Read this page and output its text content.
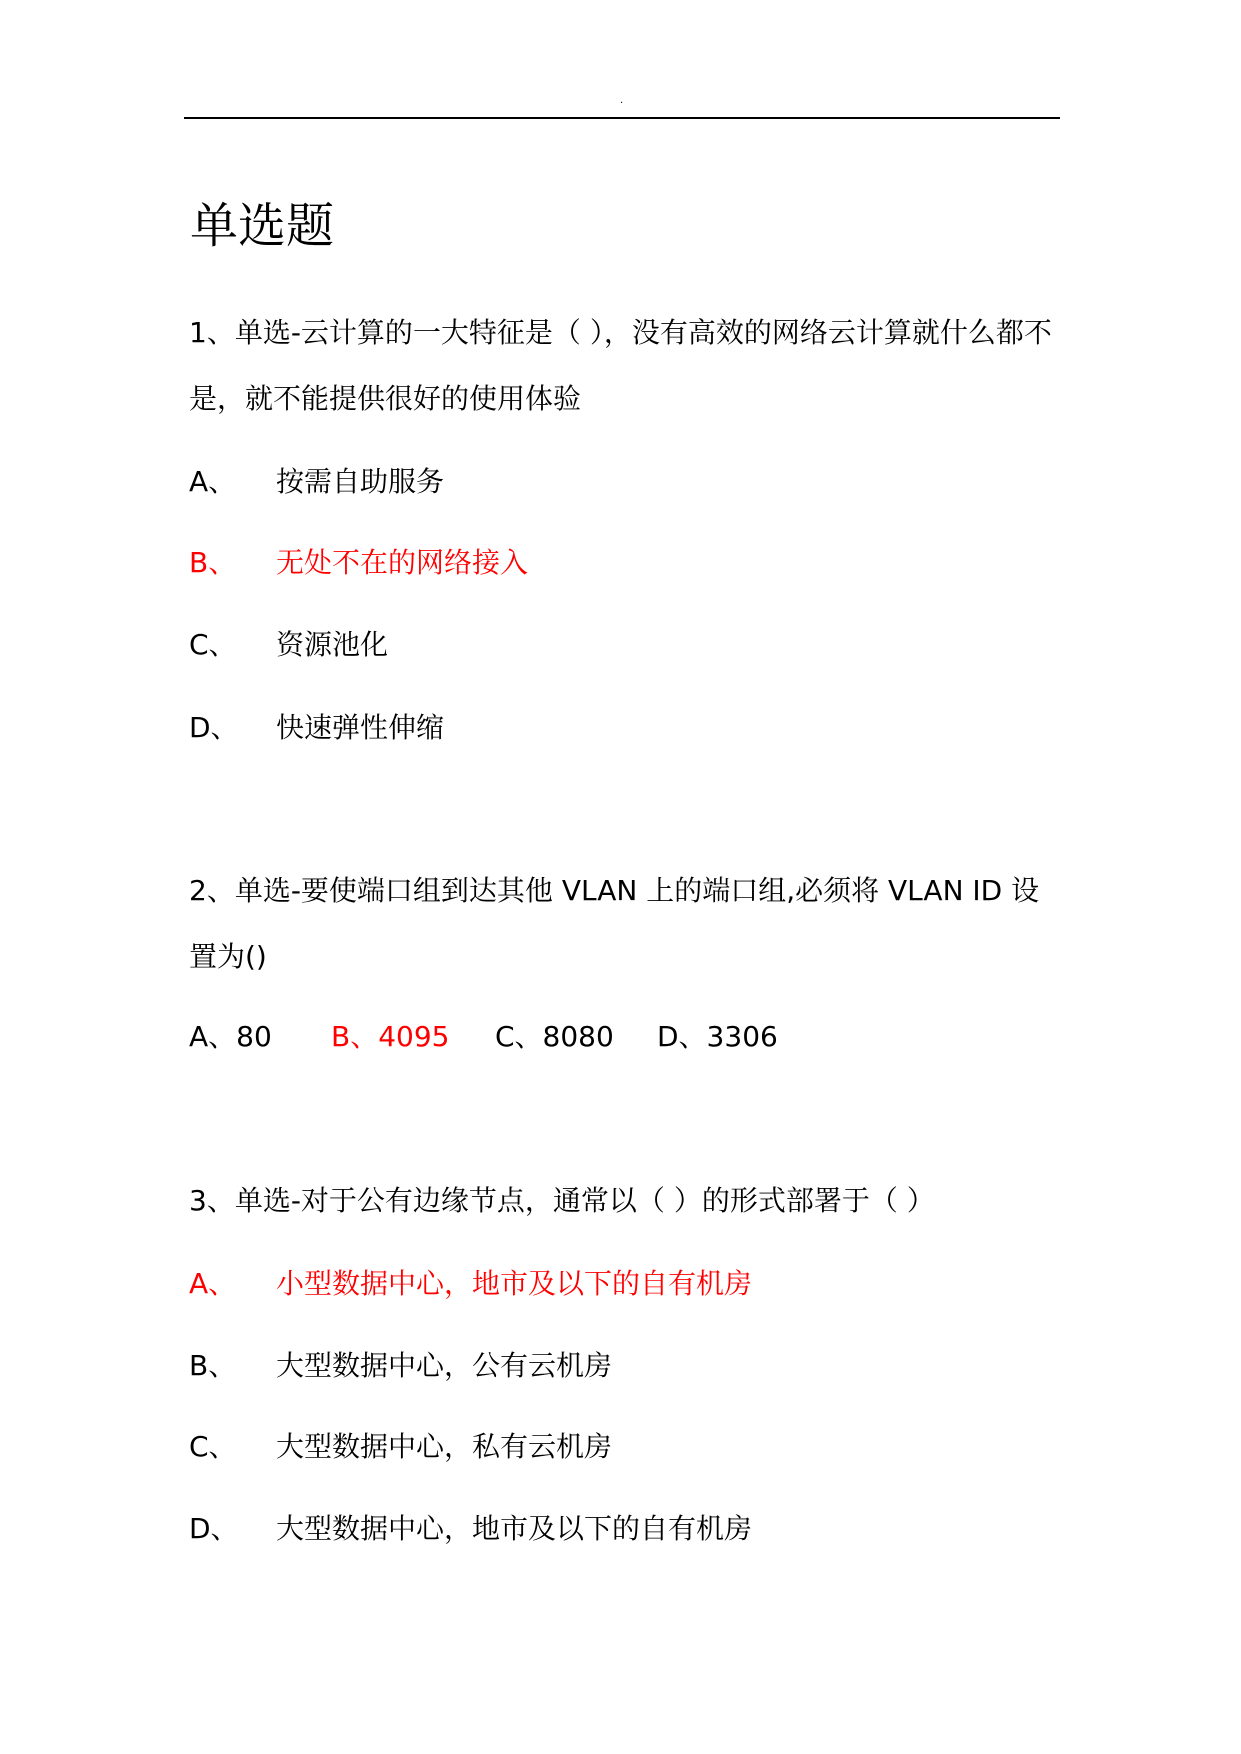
.
单选题

1、单选-云计算的一大特征是（ ），没有高效的网络云计算就什么都不是，就不能提供很好的使用体验

A、 按需自助服务
B、 无处不在的网络接入
C、 资源池化
D、 快速弹性伸缩

2、单选-要使端口组到达其他 VLAN 上的端口组,必须将 VLAN ID 设

置为()

A、80 B、4095 C、8080 D、3306

3、单选-对于公有边缘节点，通常以（ ）的形式部署于（ ）

A、 小型数据中心，地市及以下的自有机房
B、 大型数据中心，公有云机房
C、 大型数据中心，私有云机房
D、 大型数据中心，地市及以下的自有机房
